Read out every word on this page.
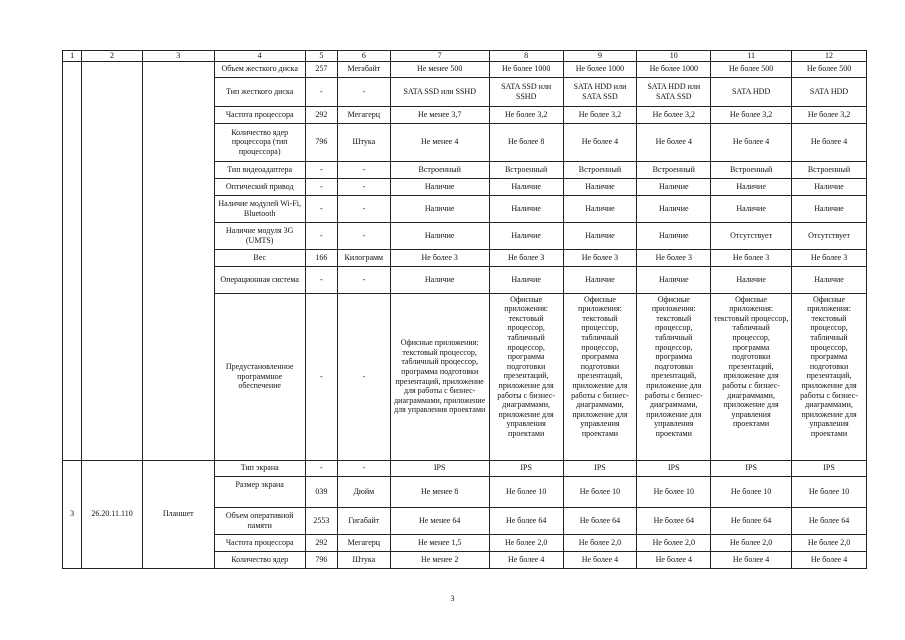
1	2	3	4	5	6	7	8	9	10	11	12
			Объем жесткого диска	257	Мегабайт	Не менее 500	Не более 1000	Не более 1000	Не более 1000	Не более 500	Не более 500
			Тип жесткого диска	-	-	SATA SSD или SSHD	SATA SSD или SSHD	SATA HDD или SATA SSD	SATA HDD или SATA SSD	SATA HDD	SATA HDD
			Частота процессора	292	Мегагерц	Не менее 3,7	Не более 3,2	Не более 3,2	Не более 3,2	Не более 3,2	Не более 3,2
			Количество ядер процессора (тип процессора)	796	Штука	Не менее 4	Не более 8	Не более 4	Не более 4	Не более 4	Не более 4
			Тип видеоадаптера	-	-	Встроенный	Встроенный	Встроенный	Встроенный	Встроенный	Встроенный
			Оптический привод	-	-	Наличие	Наличие	Наличие	Наличие	Наличие	Наличие
			Наличие модулей Wi-Fi, Bluetooth	-	-	Наличие	Наличие	Наличие	Наличие	Наличие	Наличие
			Наличие модуля 3G (UMTS)	-	-	Наличие	Наличие	Наличие	Наличие	Отсутствует	Отсутствует
			Вес	166	Килограмм	Не более 3	Не более 3	Не более 3	Не более 3	Не более 3	Не более 3
			Операционная система	-	-	Наличие	Наличие	Наличие	Наличие	Наличие	Наличие
			Предустановленное программное обеспечение	-	-	Офисные приложения: текстовый процессор, табличный процессор, программа подготовки презентаций, приложение для работы с бизнес-диаграммами, приложение для управления проектами	Офисные приложения: текстовый процессор, табличный процессор, программа подготовки презентаций, приложение для работы с бизнес-диаграммами, приложение для управления проектами	Офисные приложения: текстовый процессор, табличный процессор, программа подготовки презентаций, приложение для работы с бизнес-диаграммами, приложение для управления проектами	Офисные приложения: текстовый процессор, табличный процессор, программа подготовки презентаций, приложение для работы с бизнес-диаграммами, приложение для управления проектами	Офисные приложения: текстовый процессор, табличный процессор, программа подготовки презентаций, приложение для работы с бизнес-диаграммами, приложение для управления проектами	Офисные приложения: текстовый процессор, табличный процессор, программа подготовки презентаций, приложение для работы с бизнес-диаграммами, приложение для управления проектами
3	26.20.11.110	Планшет	Тип экрана	-	-	IPS	IPS	IPS	IPS	IPS	IPS
			Размер экрана	039	Дюйм	Не менее 8	Не более 10	Не более 10	Не более 10	Не более 10	Не более 10
			Объем оперативной памяти	2553	Гигабайт	Не менее 64	Не более 64	Не более 64	Не более 64	Не более 64	Не более 64
			Частота процессора	292	Мегагерц	Не менее 1,5	Не более 2,0	Не более 2,0	Не более 2,0	Не более 2,0	Не более 2,0
			Количество ядер	796	Штука	Не менее 2	Не более 4	Не более 4	Не более 4	Не более 4	Не более 4
3
